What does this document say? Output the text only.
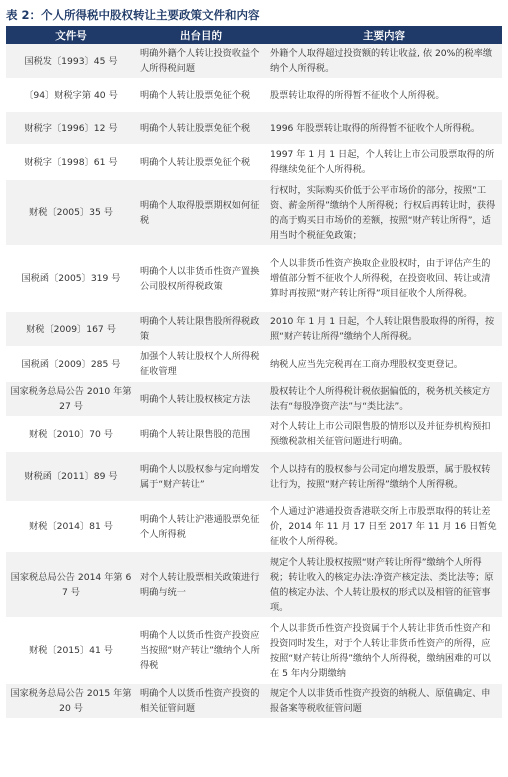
表 2：个人所得税中股权转让主要政策文件和内容
文件号	出台目的	主要内容
国税发〔1993〕45 号	明确外籍个人转让投资收益个人所得税问题	外籍个人取得超过投资额的转让收益, 依 20%的税率缴纳个人所得税。
〔94〕财税字第 40 号	明确个人转让股票免征个税	股票转让取得的所得暂不征收个人所得税。
财税字〔1996〕12 号	明确个人转让股票免征个税	1996 年股票转让取得的所得暂不征收个人所得税。
财税字〔1998〕61 号	明确个人转让股票免征个税	1997 年 1 月 1 日起，个人转让上市公司股票取得的所得继续免征个人所得税。
财税〔2005〕35 号	明确个人取得股票期权如何征税	行权时，实际购买价低于公平市场价的部分，按照“工资、薪金所得”缴纳个人所得税；行权后再转让时，获得的高于购买日市场价的差额，按照“财产转让所得”，适用当时个税征免政策；
国税函〔2005〕319 号	明确个人以非货币性资产置换公司股权所得税政策	个人以非货币性资产换取企业股权时，由于评估产生的增值部分暂不征收个人所得税，在投资收回、转让或清算时再按照“财产转让所得”项目征收个人所得税。
财税〔2009〕167 号	明确个人转让限售股所得税政策	2010 年 1 月 1 日起，个人转让限售股取得的所得，按照“财产转让所得”缴纳个人所得税。
国税函〔2009〕285 号	加强个人转让股权个人所得税征收管理	纳税人应当先完税再在工商办理股权变更登记。
国家税务总局公告 2010 年第 27 号	明确个人转让股权核定方法	股权转让个人所得税计税依据偏低的，税务机关核定方法有“每股净资产法”与“类比法”。
财税〔2010〕70 号	明确个人转让限售股的范围	对个人转让上市公司限售股的情形以及并征券机构预扣预缴税款相关征管问题进行明确。
财税函〔2011〕89 号	明确个人以股权参与定向增发属于“财产转让”	个人以持有的股权参与公司定向增发股票，属于股权转让行为，按照“财产转让所得”缴纳个人所得税。
财税〔2014〕81 号	明确个人转让沪港通股票免征个人所得税	个人通过沪港通投资香港联交所上市股票取得的转让差价，2014 年 11 月 17 日至 2017 年 11 月 16 日暂免征收个人所得税。
国家税总局公告 2014 年第 67 号	对个人转让股票相关政策进行明确与统一	规定个人转让股权按照“财产转让所得”缴纳个人所得税；转让收入的核定办法:净资产核定法、类比法等；原值的核定办法、个人转让股权的形式以及相管的征管事项。
财税〔2015〕41 号	明确个人以货币性资产投资应当按照“财产转让”缴纳个人所得税	个人以非货币性资产投资属于个人转让非货币性资产和投资同时发生，对于个人转让非货币性资产的所得，应按照“财产转让所得”缴纳个人所得税，缴纳困难的可以在 5 年内分期缴纳
国家税务总局公告 2015 年第 20 号	明确个人以货币性资产投资的相关征管问题	规定个人以非货币性资产投资的纳税人、原值确定、申报备案等税收征管问题
